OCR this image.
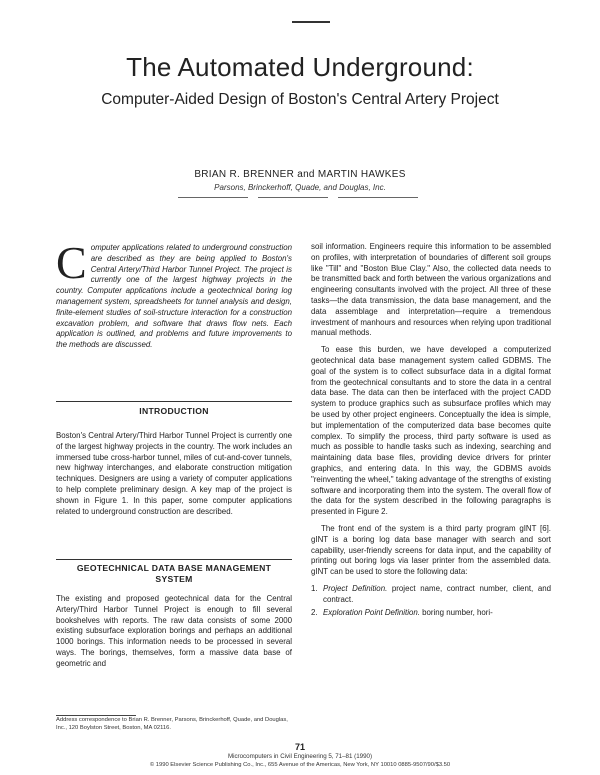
The Automated Underground:
Computer-Aided Design of Boston's Central Artery Project
BRIAN R. BRENNER and MARTIN HAWKES
Parsons, Brinckerhoff, Quade, and Douglas, Inc.
Computer applications related to underground construction are described as they are being applied to Boston's Central Artery/Third Harbor Tunnel Project. The project is currently one of the largest highway projects in the country. Computer applications include a geotechnical boring log management system, spreadsheets for tunnel analysis and design, finite-element studies of soil-structure interaction for a construction excavation problem, and software that draws flow nets. Each application is outlined, and problems and future improvements to the methods are discussed.
INTRODUCTION

Boston's Central Artery/Third Harbor Tunnel Project is currently one of the largest highway projects in the country. The work includes an immersed tube cross-harbor tunnel, miles of cut-and-cover tunnels, new highway interchanges, and elaborate construction mitigation techniques. Designers are using a variety of computer applications to help complete preliminary design. A key map of the project is shown in Figure 1. In this paper, some computer applications related to underground construction are described.

GEOTECHNICAL DATA BASE MANAGEMENT SYSTEM

The existing and proposed geotechnical data for the Central Artery/Third Harbor Tunnel Project is enough to fill several bookshelves with reports. The raw data consists of some 2000 existing subsurface exploration borings and perhaps an additional 1000 borings. This information needs to be processed in several ways. The borings, themselves, form a massive data base of geometric and

soil information. Engineers require this information to be assembled on profiles, with interpretation of boundaries of different soil groups like "Till" and "Boston Blue Clay." Also, the collected data needs to be transmitted back and forth between the various organizations and engineering consultants involved with the project. All three of these tasks—the data transmission, the data base management, and the data assemblage and interpretation—require a tremendous investment of manhours and resources when relying upon traditional manual methods.

To ease this burden, we have developed a computerized geotechnical data base management system called GDBMS. The goal of the system is to collect subsurface data in a digital format from the geotechnical consultants and to store the data in a central data base. The data can then be interfaced with the project CADD system to produce graphics such as subsurface profiles which may be used by other project engineers. Conceptually the idea is simple, but implementation of the computerized data base becomes quite complex. To simplify the process, third party software is used as much as possible to handle tasks such as indexing, searching and maintaining data base files, providing device drivers for printer graphics, and entering data. In this way, the GDBMS avoids "reinventing the wheel," taking advantage of the strengths of existing software and incorporating them into the system. The overall flow of the data for the system described in the following paragraphs is presented in Figure 2.

The front end of the system is a third party program gINT [6]. gINT is a boring log data base manager with search and sort capability, user-friendly screens for data input, and the capability of printing out boring logs via laser printer from the assembled data. gINT can be used to store the following data:

1. Project Definition. project name, contract number, client, and contract.
2. Exploration Point Definition. boring number, hori-
Address correspondence to Brian R. Brenner, Parsons, Brinckerhoff, Quade, and Douglas, Inc., 120 Boylston Street, Boston, MA 02116.
71
Microcomputers in Civil Engineering 5, 71–81 (1990)
© 1990 Elsevier Science Publishing Co., Inc., 655 Avenue of the Americas, New York, NY 10010 0885-9507/90/$3.50
